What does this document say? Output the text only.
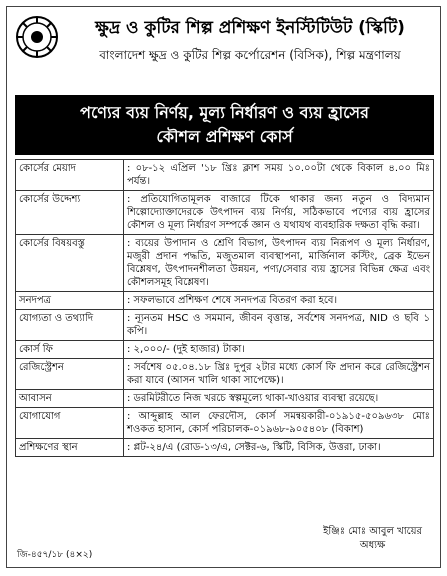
ক্ষুদ্র ও কুটির শিল্প প্রশিক্ষণ ইনস্টিটিউট (স্কিটি)
বাংলাদেশ ক্ষুদ্র ও কুটির শিল্প কর্পোরেশন (বিসিক), শিল্প মন্ত্রণালয়
পণ্যের ব্যয় নির্ণয়, মূল্য নির্ধারণ ও ব্যয় হ্রাসের
কৌশল প্রশিক্ষণ কোর্স
কোর্সের মেয়াদ	: ০৮-১২ এপ্রিল '১৮ খ্রিঃ ক্লাশ সময় ১০.০০টা থেকে বিকাল ৪.০০ মিঃ পর্যন্ত।
কোর্সের উদ্দেশ্য	: প্রতিযোগিতামূলক বাজারে টিকে থাকার জন্য নতুন ও বিদ্যমান শিল্পোদ্যোক্তাদেরকে উৎপাদন ব্যয় নির্ণয়, সঠিকভাবে পণ্যের ব্যয় হ্রাসের কৌশল ও মূল্য নির্ধারণ সম্পর্কে জ্ঞান ও যথাযথ ব্যবহারিক দক্ষতা বৃদ্ধি করা।
কোর্সের বিষয়বস্তু	: ব্যয়ের উপাদান ও শ্রেণি বিভাগ, উৎপাদন ব্যয় নিরূপণ ও মূল্য নির্ধারণ, মজুরী প্রদান পদ্ধতি, মজুতমাল ব্যবস্থাপনা, মার্জিনাল কস্টিং, ব্রেক ইভেন বিশ্লেষণ, উৎপাদনশীলতা উন্নয়ন, পণ্য/সেবার ব্যয় হ্রাসের বিভিন্ন ক্ষেত্র এবং কৌশলসমূহ বিশ্লেষণ।
সনদপত্র	: সফলভাবে প্রশিক্ষণ শেষে সনদপত্র বিতরণ করা হবে।
যোগ্যতা ও তথ্যাদি	: ন্যূনতম HSC ও সমমান, জীবন বৃত্তান্ত, সর্বশেষ সনদপত্র, NID ও ছবি ১ কপি।
কোর্স ফি	: ২,০০০/- (দুই হাজার) টাকা।
রেজিস্ট্রেশন	: সর্বশেষ ০৫.০৪.১৮ খ্রিঃ দুপুর ২টার মধ্যে কোর্স ফি প্রদান করে রেজিস্ট্রেশন করা যাবে (আসন খালি থাকা সাপেক্ষে)।
আবাসন	: ডরমিটরীতে নিজ খরচে স্বল্পমূল্যে থাকা-খাওয়ার ব্যবস্থা রয়েছে।
যোগাযোগ	: আব্দুল্লাহ আল ফেরদৌস, কোর্স সমন্বয়কারী-০১৯১৫-৫০৯৬৩৮ মোঃ শওকত হাসান, কোর্স পরিচালক-০১৯৬৮-৯০৫৪০৮ (বিকাশ)
প্রশিক্ষণের স্থান	: প্লট-২৪/এ (রোড-১৩/এ, সেক্টর-৬, স্কিটি, বিসিক, উত্তরা, ঢাকা।
ইঞ্জিঃ মোঃ আবুল খায়ের
অধ্যক্ষ
জি-৪৫৭/১৮ (৪×২)
